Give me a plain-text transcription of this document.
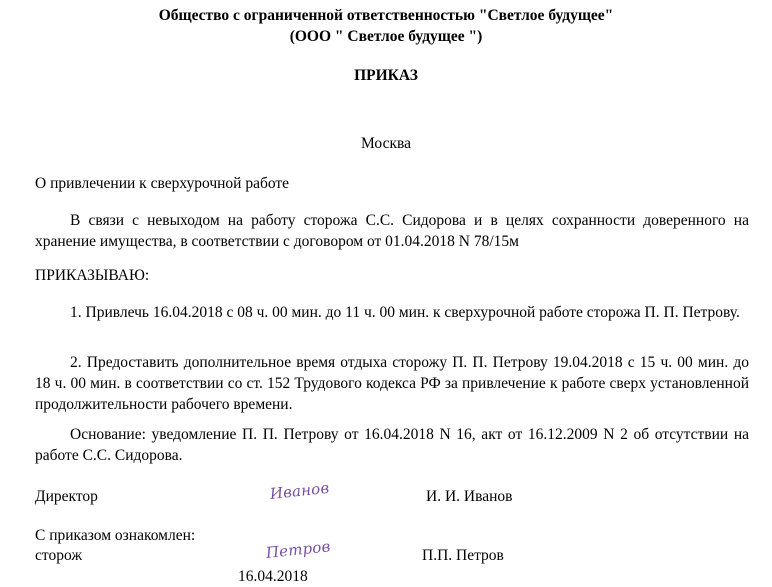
Общество с ограниченной ответственностью "Светлое будущее"
(ООО " Светлое будущее ")
ПРИКАЗ
Москва
О привлечении к сверхурочной работе
В связи с невыходом на работу сторожа С.С. Сидорова и в целях сохранности доверенного на хранение имущества, в соответствии с договором от 01.04.2018 N 78/15м
ПРИКАЗЫВАЮ:
1. Привлечь 16.04.2018 с 08 ч. 00 мин. до 11 ч. 00 мин. к сверхурочной работе сторожа П. П. Петрову.
2. Предоставить дополнительное время отдыха сторожу П. П. Петрову 19.04.2018 с 15 ч. 00 мин. до 18 ч. 00 мин. в соответствии со ст. 152 Трудового кодекса РФ за привлечение к работе сверх установленной продолжительности рабочего времени.
Основание: уведомление П. П. Петрову от 16.04.2018 N 16, акт от 16.12.2009 N 2 об отсутствии на работе С.С. Сидорова.
Директор	Иванов	И. И. Иванов
С приказом ознакомлен:
сторож	Петров	П.П. Петров
16.04.2018
